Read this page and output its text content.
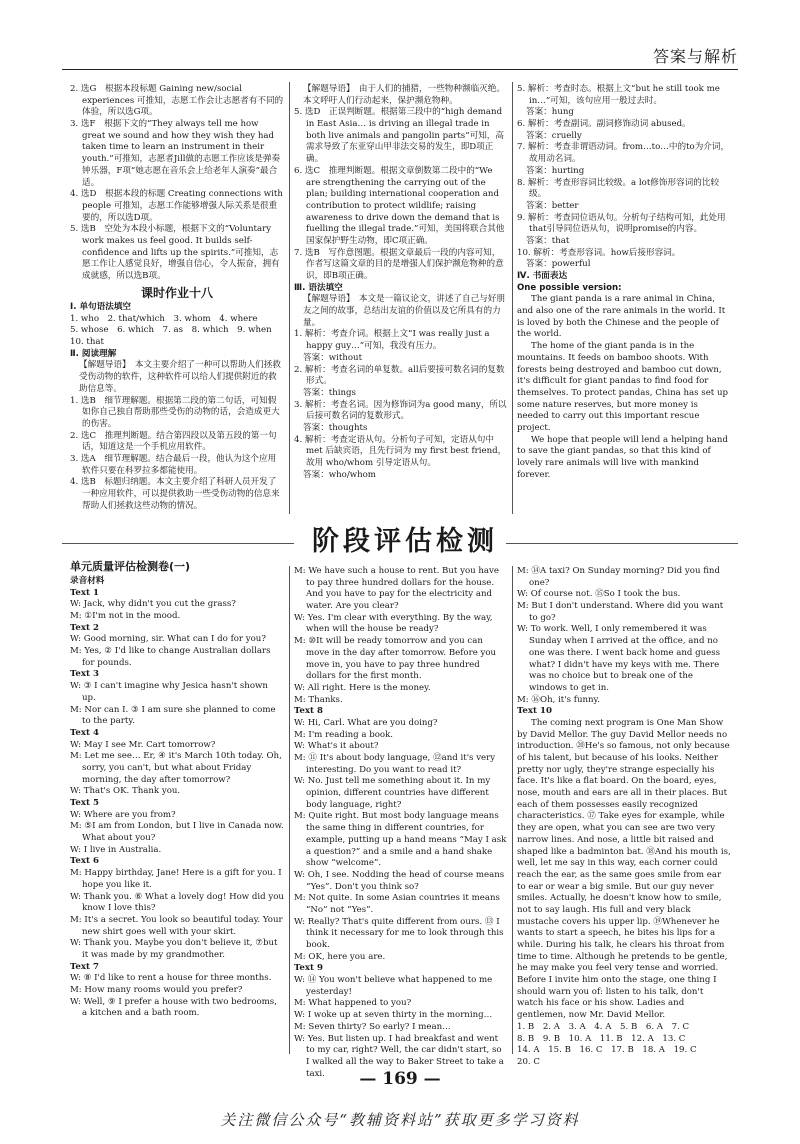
答案与解析

2. 选G　根据本段标题 Gaining new/social experiences 可推知，志愿工作会让志愿者有不同的体验，所以选G项。

3. 选F　根据下文的“They always tell me how great we sound and how they wish they had taken time to learn an instrument in their youth.”可推知，志愿者Jill做的志愿工作应该是弹奏钟乐器，F项“她志愿在音乐会上给老年人演奏”最合适。

4. 选D　根据本段的标题 Creating connections with people 可推知，志愿工作能够增强人际关系是很重要的，所以选D项。

5. 选B　空处为本段小标题，根据下文的“Voluntary work makes us feel good. It builds self-confidence and lifts up the spirits.”可推知，志愿工作让人感觉良好，增强自信心，令人振奋，拥有成就感，所以选B项。

课时作业十八

Ⅰ. 单句语法填空

1. who　2. that/which　3. whom　4. where

5. whose　6. which　7. as　8. which　9. when

10. that

Ⅱ. 阅读理解

【解题导语】　本文主要介绍了一种可以帮助人们拯救受伤动物的软件，这种软件可以给人们提供附近的救助信息等。

1. 选B　细节理解题。根据第二段的第二句话，可知假如你自己独自帮助那些受伤的动物的话，会造成更大的伤害。

2. 选C　推理判断题。结合第四段以及第五段的第一句话，知道这是一个手机应用软件。

3. 选A　细节理解题。结合最后一段，他认为这个应用软件只要在科罗拉多都能使用。

4. 选B　标题归纳题。本文主要介绍了科研人员开发了一种应用软件，可以提供救助一些受伤动物的信息来帮助人们拯救这些动物的情况。

【解题导语】　由于人们的捕猎，一些物种濒临灭绝。本文呼吁人们行动起来，保护濒危物种。

5. 选D　正误判断题。根据第三段中的“high demand in East Asia… is driving an illegal trade in both live animals and pangolin parts”可知，高需求导致了东亚穿山甲非法交易的发生，即D项正确。

6. 选C　推理判断题。根据文章倒数第二段中的“We are strengthening the carrying out of the plan; building international cooperation and contribution to protect wildlife; raising awareness to drive down the demand that is fuelling the illegal trade.”可知，美国将联合其他国家保护野生动物，即C项正确。

7. 选B　写作意图题。根据文章最后一段的内容可知，作者写这篇文章的目的是增强人们保护濒危物种的意识，即B项正确。

Ⅲ. 语法填空

【解题导语】　本文是一篇议论文，讲述了自己与好朋友之间的故事，总结出友谊的价值以及它所具有的力量。

1. 解析：考查介词。根据上文“I was really just a happy guy…”可知，我没有压力。

答案：without

2. 解析：考查名词的单复数。all后要接可数名词的复数形式。

答案：things

3. 解析：考查名词。因为修饰词为a good many，所以后接可数名词的复数形式。

答案：thoughts

4. 解析：考查定语从句。分析句子可知，定语从句中 met 后缺宾语，且先行词为 my first best friend，故用 who/whom 引导定语从句。

答案：who/whom

5. 解析：考查时态。根据上文“but he still took me in…”可知，该句应用一般过去时。

答案：hung

6. 解析：考查副词。副词修饰动词 abused。

答案：cruelly

7. 解析：考查非谓语动词。from…to…中的to为介词，故用动名词。

答案：hurting

8. 解析：考查形容词比较级。a lot修饰形容词的比较级。

答案：better

9. 解析：考查同位语从句。分析句子结构可知，此处用that引导同位语从句，说明promise的内容。

答案：that

10. 解析：考查形容词。how后接形容词。

答案：powerful

Ⅳ. 书面表达

One possible version:

The giant panda is a rare animal in China, and also one of the rare animals in the world. It is loved by both the Chinese and the people of the world.

The home of the giant panda is in the mountains. It feeds on bamboo shoots. With forests being destroyed and bamboo cut down, it's difficult for giant pandas to find food for themselves. To protect pandas, China has set up some nature reserves, but more money is needed to carry out this important rescue project.

We hope that people will lend a helping hand to save the giant pandas, so that this kind of lovely rare animals will live with mankind forever.

阶段评估检测
单元质量评估检测卷(一)

录音材料

Text 1

W: Jack, why didn't you cut the grass?

M: ①I'm not in the mood.

Text 2

W: Good morning, sir. What can I do for you?

M: Yes, ② I'd like to change Australian dollars for pounds.

Text 3

W: ③ I can't imagine why Jesica hasn't shown up.

M: Nor can I. ③ I am sure she planned to come to the party.

Text 4

W: May I see Mr. Cart tomorrow?

M: Let me see… Er, ④ it's March 10th today. Oh, sorry, you can't, but what about Friday morning, the day after tomorrow?

W: That's OK. Thank you.

Text 5

W: Where are you from?

M: ⑤I am from London, but I live in Canada now. What about you?

W: I live in Australia.

Text 6

M: Happy birthday, Jane! Here is a gift for you. I hope you like it.

W: Thank you. ⑥ What a lovely dog! How did you know I love this?

M: It's a secret. You look so beautiful today. Your new shirt goes well with your skirt.

W: Thank you. Maybe you don't believe it, ⑦but it was made by my grandmother.

Text 7

W: ⑧ I'd like to rent a house for three months.

M: How many rooms would you prefer?

W: Well, ⑨ I prefer a house with two bedrooms, a kitchen and a bath room.

M: We have such a house to rent. But you have to pay three hundred dollars for the house. And you have to pay for the electricity and water. Are you clear?

W: Yes. I'm clear with everything. By the way, when will the house be ready?

M: ⑩It will be ready tomorrow and you can move in the day after tomorrow. Before you move in, you have to pay three hundred dollars for the first month.

W: All right. Here is the money.

M: Thanks.

Text 8

W: Hi, Carl. What are you doing?

M: I'm reading a book.

W: What's it about?

M: ⑪ It's about body language, ⑫and it's very interesting. Do you want to read it?

W: No. Just tell me something about it. In my opinion, different countries have different body language, right?

M: Quite right. But most body language means the same thing in different countries, for example, putting up a hand means “May I ask a question?” and a smile and a hand shake show “welcome”.

W: Oh, I see. Nodding the head of course means “Yes”. Don't you think so?

M: Not quite. In some Asian countries it means “No” not “Yes”.

W: Really? That's quite different from ours. ⑬ I think it necessary for me to look through this book.

M: OK, here you are.

Text 9

W: ⑭ You won't believe what happened to me yesterday!

M: What happened to you?

W: I woke up at seven thirty in the morning…

M: Seven thirty? So early? I mean…

W: Yes. But listen up. I had breakfast and went to my car, right? Well, the car didn't start, so I walked all the way to Baker Street to take a taxi.

M: ⑭A taxi? On Sunday morning? Did you find one?

W: Of course not. ⑮So I took the bus.

M: But I don't understand. Where did you want to go?

W: To work. Well, I only remembered it was Sunday when I arrived at the office, and no one was there. I went back home and guess what? I didn't have my keys with me. There was no choice but to break one of the windows to get in.

M: ⑯Oh, it's funny.

Text 10

The coming next program is One Man Show by David Mellor. The guy David Mellor needs no introduction. ⑳He's so famous, not only because of his talent, but because of his looks. Neither pretty nor ugly, they're strange especially his face. It's like a flat board. On the board, eyes, nose, mouth and ears are all in their places. But each of them possesses easily recognized characteristics. ⑰ Take eyes for example, while they are open, what you can see are two very narrow lines. And nose, a little bit raised and shaped like a badminton bat. ⑱And his mouth is, well, let me say in this way, each corner could reach the ear, as the same goes smile from ear to ear or wear a big smile. But our guy never smiles. Actually, he doesn't know how to smile, not to say laugh. His full and very black mustache covers his upper lip. ⑲Whenever he wants to start a speech, he bites his lips for a while. During his talk, he clears his throat from time to time. Although he pretends to be gentle, he may make you feel very tense and worried. Before I invite him onto the stage, one thing I should warn you of: listen to his talk, don't watch his face or his show. Ladies and gentlemen, now Mr. David Mellor.

1. B　2. A　3. A　4. A　5. B　6. A　7. C

8. B　9. B　10. A　11. B　12. A　13. C

14. A　15. B　16. C　17. B　18. A　19. C

20. C

— 169 —
关注微信公众号“教辅资料站”获取更多学习资料
